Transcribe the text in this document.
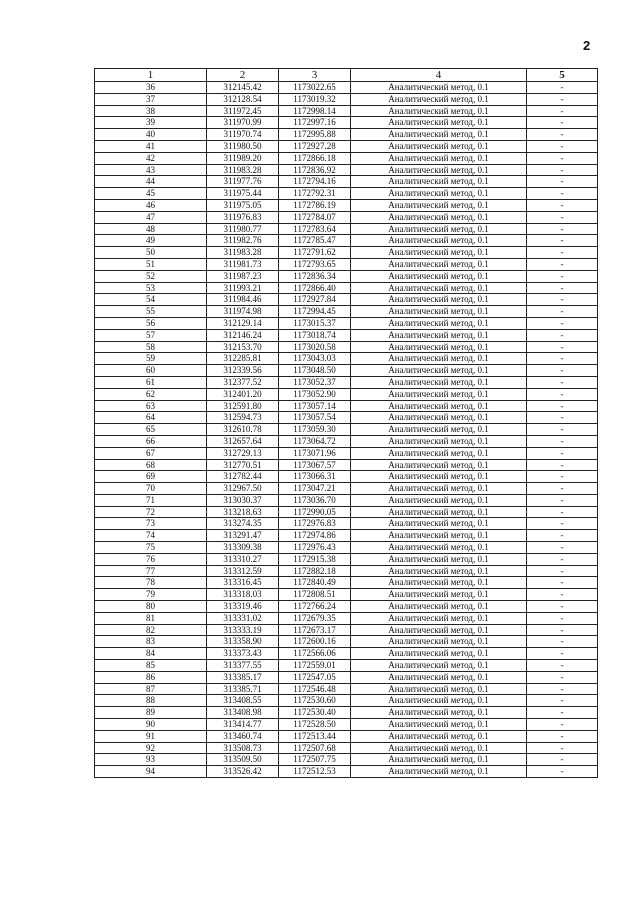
2
1	2	3	4	5
36	312145.42	1173022.65	Аналитический метод, 0.1	-
37	312128.54	1173019.32	Аналитический метод, 0.1	-
38	311972.45	1172998.14	Аналитический метод, 0.1	-
39	311970.99	1172997.16	Аналитический метод, 0.1	-
40	311970.74	1172995.88	Аналитический метод, 0.1	-
41	311980.50	1172927.28	Аналитический метод, 0.1	-
42	311989.20	1172866.18	Аналитический метод, 0.1	-
43	311983.28	1172836.92	Аналитический метод, 0.1	-
44	311977.76	1172794.16	Аналитический метод, 0.1	-
45	311975.44	1172792.31	Аналитический метод, 0.1	-
46	311975.05	1172786.19	Аналитический метод, 0.1	-
47	311976.83	1172784.07	Аналитический метод, 0.1	-
48	311980.77	1172783.64	Аналитический метод, 0.1	-
49	311982.76	1172785.47	Аналитический метод, 0.1	-
50	311983.28	1172791.62	Аналитический метод, 0.1	-
51	311981.73	1172793.65	Аналитический метод, 0.1	-
52	311987.23	1172836.34	Аналитический метод, 0.1	-
53	311993.21	1172866.40	Аналитический метод, 0.1	-
54	311984.46	1172927.84	Аналитический метод, 0.1	-
55	311974.98	1172994.45	Аналитический метод, 0.1	-
56	312129.14	1173015.37	Аналитический метод, 0.1	-
57	312146.24	1173018.74	Аналитический метод, 0.1	-
58	312153.70	1173020.58	Аналитический метод, 0.1	-
59	312285.81	1173043.03	Аналитический метод, 0.1	-
60	312339.56	1173048.50	Аналитический метод, 0.1	-
61	312377.52	1173052.37	Аналитический метод, 0.1	-
62	312401.20	1173052.90	Аналитический метод, 0.1	-
63	312591.80	1173057.14	Аналитический метод, 0.1	-
64	312594.73	1173057.54	Аналитический метод, 0.1	-
65	312610.78	1173059.30	Аналитический метод, 0.1	-
66	312657.64	1173064.72	Аналитический метод, 0.1	-
67	312729.13	1173071.96	Аналитический метод, 0.1	-
68	312770.51	1173067.57	Аналитический метод, 0.1	-
69	312782.44	1173066.31	Аналитический метод, 0.1	-
70	312967.50	1173047.21	Аналитический метод, 0.1	-
71	313030.37	1173036.70	Аналитический метод, 0.1	-
72	313218.63	1172990.05	Аналитический метод, 0.1	-
73	313274.35	1172976.83	Аналитический метод, 0.1	-
74	313291.47	1172974.86	Аналитический метод, 0.1	-
75	313309.38	1172976.43	Аналитический метод, 0.1	-
76	313310.27	1172915.38	Аналитический метод, 0.1	-
77	313312.59	1172882.18	Аналитический метод, 0.1	-
78	313316.45	1172840.49	Аналитический метод, 0.1	-
79	313318.03	1172808.51	Аналитический метод, 0.1	-
80	313319.46	1172766.24	Аналитический метод, 0.1	-
81	313331.02	1172679.35	Аналитический метод, 0.1	-
82	313333.19	1172673.17	Аналитический метод, 0.1	-
83	313358.90	1172600.16	Аналитический метод, 0.1	-
84	313373.43	1172566.06	Аналитический метод, 0.1	-
85	313377.55	1172559.01	Аналитический метод, 0.1	-
86	313385.17	1172547.05	Аналитический метод, 0.1	-
87	313385.71	1172546.48	Аналитический метод, 0.1	-
88	313408.55	1172530.60	Аналитический метод, 0.1	-
89	313408.98	1172530.40	Аналитический метод, 0.1	-
90	313414.77	1172528.50	Аналитический метод, 0.1	-
91	313460.74	1172513.44	Аналитический метод, 0.1	-
92	313508.73	1172507.68	Аналитический метод, 0.1	-
93	313509.50	1172507.75	Аналитический метод, 0.1	-
94	313526.42	1172512.53	Аналитический метод, 0.1	-
